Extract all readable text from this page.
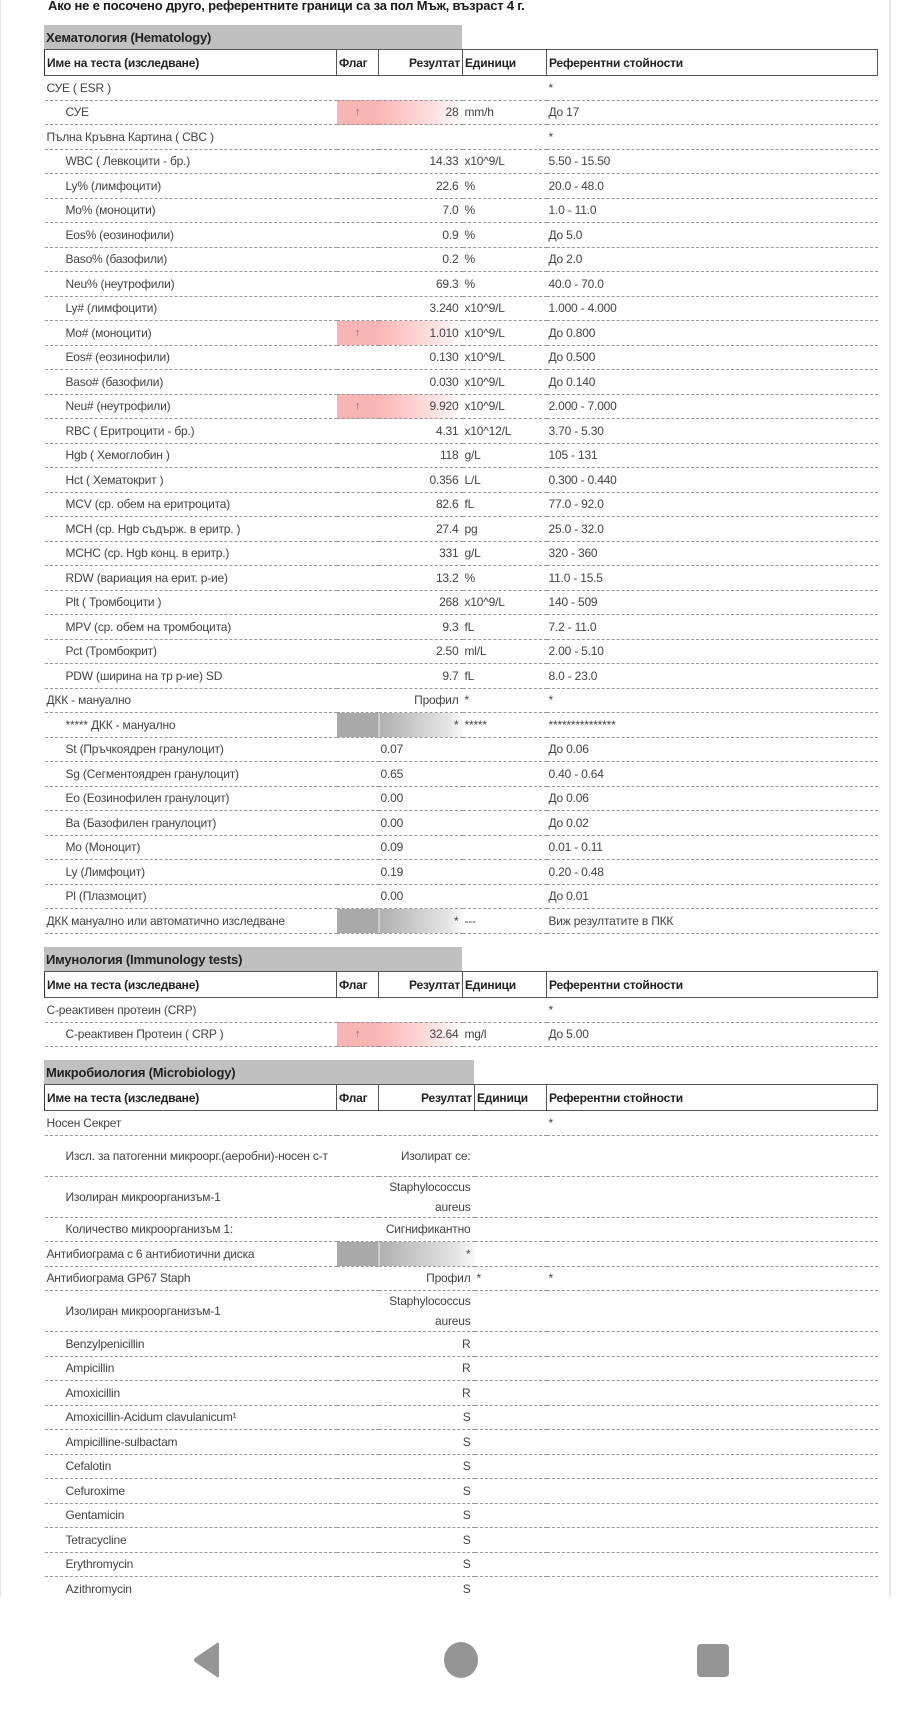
Ако не е посочено друго, референтните граници са за пол Мъж, възраст 4 г.
Хематология (Hematology)
Име на теста (изследване)	Флаг	Резултат	Единици	Референтни стойности
СУЕ ( ESR )				*
СУЕ	↑	28	mm/h	До 17
Пълна Кръвна Картина ( CBC )				*
WBC ( Левкоцити - бр.)		14.33	x10^9/L	5.50 - 15.50
Ly% (лимфоцити)		22.6	%	20.0 - 48.0
Mo% (моноцити)		7.0	%	1.0 - 11.0
Eos% (еозинофили)		0.9	%	До 5.0
Baso% (базофили)		0.2	%	До 2.0
Neu% (неутрофили)		69.3	%	40.0 - 70.0
Ly# (лимфоцити)		3.240	x10^9/L	1.000 - 4.000
Mo# (моноцити)	↑	1.010	x10^9/L	До 0.800
Eos# (еозинофили)		0.130	x10^9/L	До 0.500
Baso# (базофили)		0.030	x10^9/L	До 0.140
Neu# (неутрофили)	↑	9.920	x10^9/L	2.000 - 7.000
RBC ( Еритроцити - бр.)		4.31	x10^12/L	3.70 - 5.30
Hgb ( Хемоглобин )		118	g/L	105 - 131
Hct ( Хематокрит )		0.356	L/L	0.300 - 0.440
MCV (ср. обем на еритроцита)		82.6	fL	77.0 - 92.0
MCH (ср. Hgb съдърж. в еритр. )		27.4	pg	25.0 - 32.0
MCHC (ср. Hgb конц. в еритр.)		331	g/L	320 - 360
RDW (вариация на ерит. р-ие)		13.2	%	11.0 - 15.5
Plt ( Тромбоцити )		268	x10^9/L	140 - 509
MPV (ср. обем на тромбоцита)		9.3	fL	7.2 - 11.0
Pct (Тромбокрит)		2.50	ml/L	2.00 - 5.10
PDW (ширина на тр р-ие) SD		9.7	fL	8.0 - 23.0
ДКК - мануално		Профил	*	*
***** ДКК - мануално		*	*****	***************
St (Пръчкоядрен гранулоцит)		0.07		До 0.06
Sg (Сегментоядрен гранулоцит)		0.65		0.40 - 0.64
Eo (Еозинофилен гранулоцит)		0.00		До 0.06
Ba (Базофилен гранулоцит)		0.00		До 0.02
Mo (Моноцит)		0.09		0.01 - 0.11
Ly (Лимфоцит)		0.19		0.20 - 0.48
Pl (Плазмоцит)		0.00		До 0.01
ДКК мануално или автоматично изследване		*	---	Виж резултатите в ПКК
Имунология (Immunology tests)
Име на теста (изследване)	Флаг	Резултат	Единици	Референтни стойности
С-реактивен протеин (CRP)				*
С-реактивен Протеин ( CRP )	↑	32.64	mg/l	До 5.00
Микробиология (Microbiology)
Име на теста (изследване)	Флаг	Резултат	Единици	Референтни стойности
Носен Секрет				*
Изсл. за патогенни микроорг.(аеробни)-носен с-т		Изолират се:		
Изолиран микроорганизъм-1		Staphylococcus aureus		
Количество микроорганизъм 1:		Сигнификантно		
Антибиограма с 6 антибиотични диска		*		
Антибиограма GP67 Staph		Профил	*	*
Изолиран микроорганизъм-1		Staphylococcus aureus		
Benzylpenicillin		R		
Ampicillin		R		
Amoxicillin		R		
Amoxicillin-Acidum clavulanicum¹		S		
Ampicilline-sulbactam		S		
Cefalotin		S		
Cefuroxime		S		
Gentamicin		S		
Tetracycline		S		
Erythromycin		S		
Azithromycin		S		
